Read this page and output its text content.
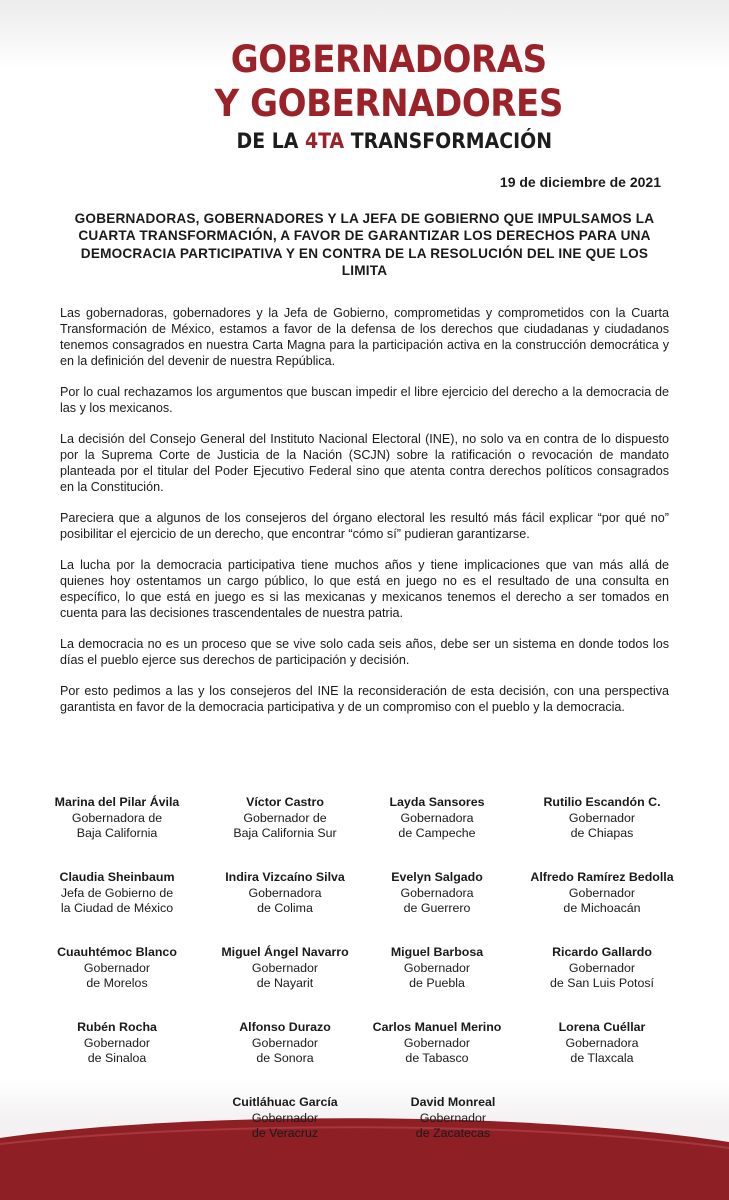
GOBERNADORAS
Y GOBERNADORES
DE LA 4TA TRANSFORMACIÓN
19 de diciembre de 2021
GOBERNADORAS, GOBERNADORES Y LA JEFA DE GOBIERNO QUE IMPULSAMOS LA CUARTA TRANSFORMACIÓN, A FAVOR DE GARANTIZAR LOS DERECHOS PARA UNA DEMOCRACIA PARTICIPATIVA Y EN CONTRA DE LA RESOLUCIÓN DEL INE QUE LOS LIMITA

Las gobernadoras, gobernadores y la Jefa de Gobierno, comprometidas y comprometidos con la Cuarta Transformación de México, estamos a favor de la defensa de los derechos que ciudadanas y ciudadanos tenemos consagrados en nuestra Carta Magna para la participación activa en la construcción democrática y en la definición del devenir de nuestra República.

Por lo cual rechazamos los argumentos que buscan impedir el libre ejercicio del derecho a la democracia de las y los mexicanos.

La decisión del Consejo General del Instituto Nacional Electoral (INE), no solo va en contra de lo dispuesto por la Suprema Corte de Justicia de la Nación (SCJN) sobre la ratificación o revocación de mandato planteada por el titular del Poder Ejecutivo Federal sino que atenta contra derechos políticos consagrados en la Constitución.

Pareciera que a algunos de los consejeros del órgano electoral les resultó más fácil explicar “por qué no” posibilitar el ejercicio de un derecho, que encontrar “cómo sí” pudieran garantizarse.

La lucha por la democracia participativa tiene muchos años y tiene implicaciones que van más allá de quienes hoy ostentamos un cargo público, lo que está en juego no es el resultado de una consulta en específico, lo que está en juego es si las mexicanas y mexicanos tenemos el derecho a ser tomados en cuenta para las decisiones trascendentales de nuestra patria.

La democracia no es un proceso que se vive solo cada seis años, debe ser un sistema en donde todos los días el pueblo ejerce sus derechos de participación y decisión.

Por esto pedimos a las y los consejeros del INE la reconsideración de esta decisión, con una perspectiva garantista en favor de la democracia participativa y de un compromiso con el pueblo y la democracia.

Marina del Pilar Ávila
Gobernadora de
Baja California
Víctor Castro
Gobernador de
Baja California Sur
Layda Sansores
Gobernadora
de Campeche
Rutilio Escandón C.
Gobernador
de Chiapas
Claudia Sheinbaum
Jefa de Gobierno de
la Ciudad de México
Indira Vizcaíno Silva
Gobernadora
de Colima
Evelyn Salgado
Gobernadora
de Guerrero
Alfredo Ramírez Bedolla
Gobernador
de Michoacán
Cuauhtémoc Blanco
Gobernador
de Morelos
Miguel Ángel Navarro
Gobernador
de Nayarit
Miguel Barbosa
Gobernador
de Puebla
Ricardo Gallardo
Gobernador
de San Luis Potosí
Rubén Rocha
Gobernador
de Sinaloa
Alfonso Durazo
Gobernador
de Sonora
Carlos Manuel Merino
Gobernador
de Tabasco
Lorena Cuéllar
Gobernadora
de Tlaxcala
Cuitláhuac García
Gobernador
de Veracruz
David Monreal
Gobernador
de Zacatecas
